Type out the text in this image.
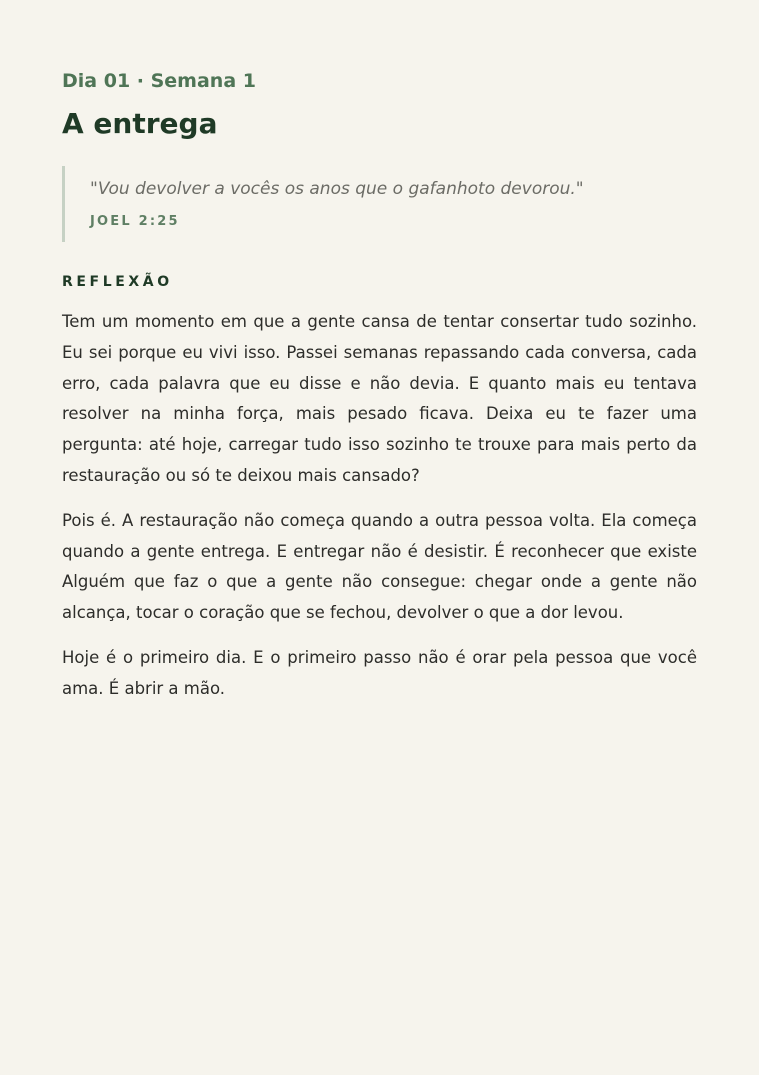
Dia 01 · Semana 1

A entrega

"Vou devolver a vocês os anos que o gafanhoto devorou."

JOEL 2:25

REFLEXÃO

Tem um momento em que a gente cansa de tentar consertar tudo sozinho. Eu sei porque eu vivi isso. Passei semanas repassando cada conversa, cada erro, cada palavra que eu disse e não devia. E quanto mais eu tentava resolver na minha força, mais pesado ficava. Deixa eu te fazer uma pergunta: até hoje, carregar tudo isso sozinho te trouxe para mais perto da restauração ou só te deixou mais cansado?

Pois é. A restauração não começa quando a outra pessoa volta. Ela começa quando a gente entrega. E entregar não é desistir. É reconhecer que existe Alguém que faz o que a gente não consegue: chegar onde a gente não alcança, tocar o coração que se fechou, devolver o que a dor levou.

Hoje é o primeiro dia. E o primeiro passo não é orar pela pessoa que você ama. É abrir a mão.
